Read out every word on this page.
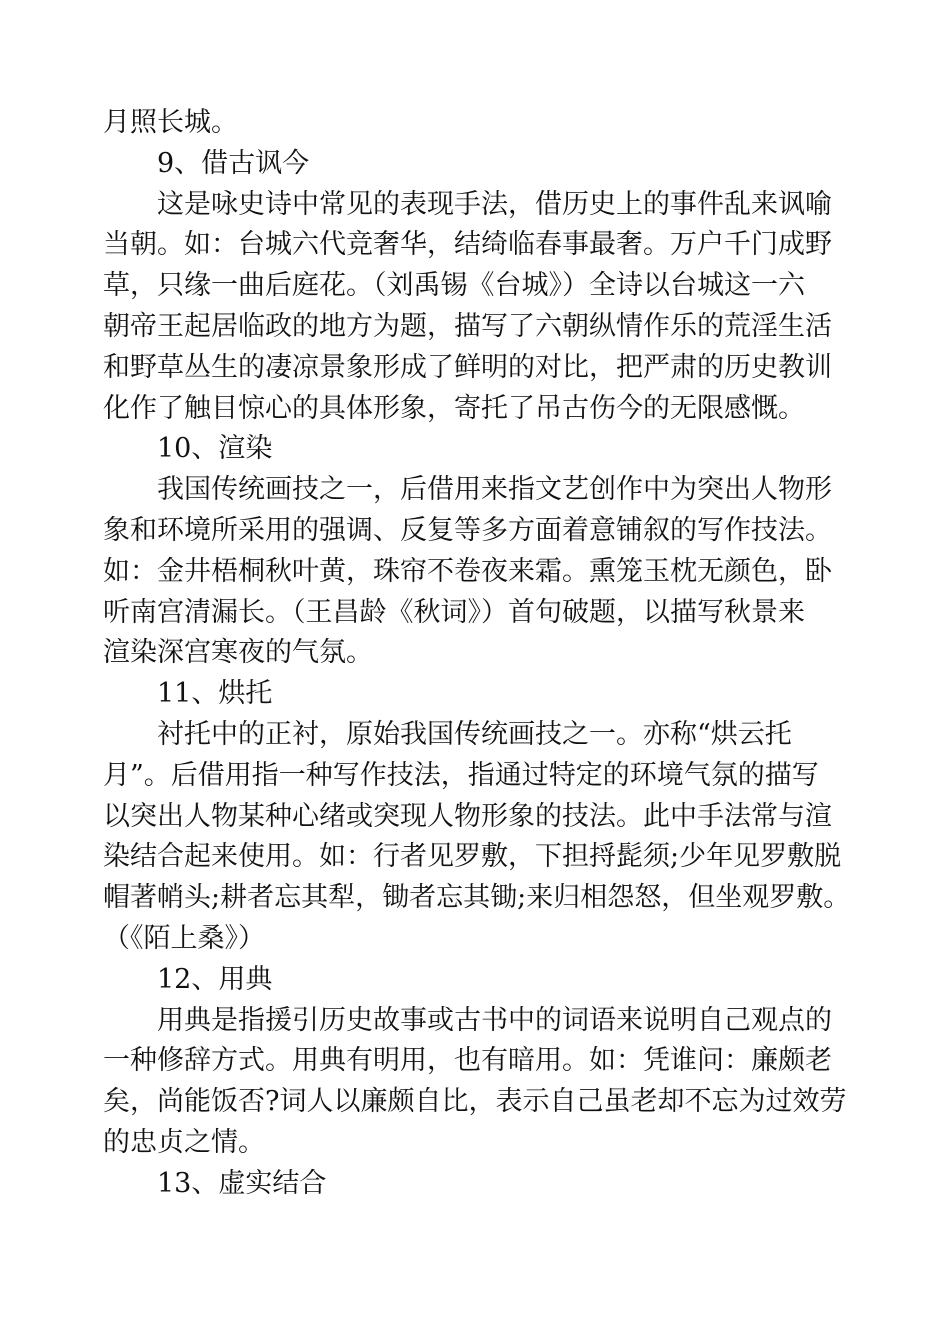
月照长城。
9、借古讽今
这是咏史诗中常见的表现手法，借历史上的事件乱来讽喻
当朝。如：台城六代竞奢华，结绮临春事最奢。万户千门成野
草，只缘一曲后庭花。（刘禹锡《台城》）全诗以台城这一六
朝帝王起居临政的地方为题，描写了六朝纵情作乐的荒淫生活
和野草丛生的凄凉景象形成了鲜明的对比，把严肃的历史教训
化作了触目惊心的具体形象，寄托了吊古伤今的无限感慨。
10、渲染
我国传统画技之一，后借用来指文艺创作中为突出人物形
象和环境所采用的强调、反复等多方面着意铺叙的写作技法。
如：金井梧桐秋叶黄，珠帘不卷夜来霜。熏笼玉枕无颜色，卧
听南宫清漏长。（王昌龄《秋词》）首句破题，以描写秋景来
渲染深宫寒夜的气氛。
11、烘托
衬托中的正衬，原始我国传统画技之一。亦称“烘云托
月”。后借用指一种写作技法，指通过特定的环境气氛的描写
以突出人物某种心绪或突现人物形象的技法。此中手法常与渲
染结合起来使用。如：行者见罗敷，下担捋髭须;少年见罗敷脱
帽著帩头;耕者忘其犁，锄者忘其锄;来归相怨怒，但坐观罗敷。
（《陌上桑》）
12、用典
用典是指援引历史故事或古书中的词语来说明自己观点的
一种修辞方式。用典有明用，也有暗用。如：凭谁问：廉颇老
矣，尚能饭否?词人以廉颇自比，表示自己虽老却不忘为过效劳
的忠贞之情。
13、虚实结合
